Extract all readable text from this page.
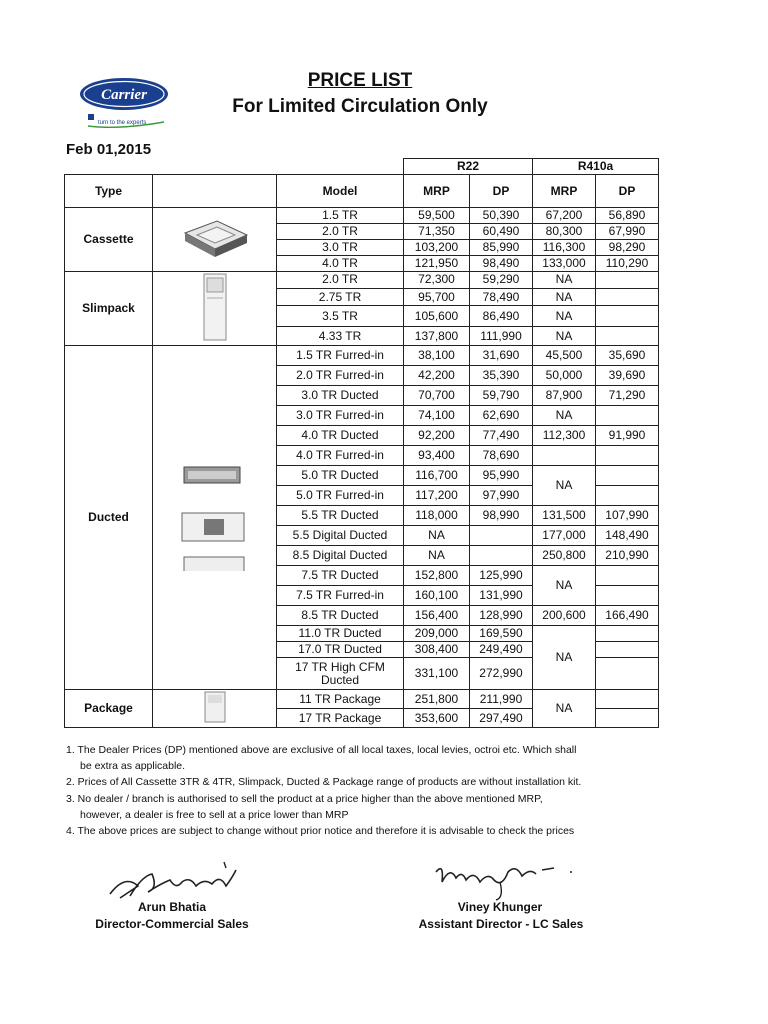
Carrier
turn to the experts
PRICE LIST
For Limited Circulation Only
Feb 01,2015
			R22		R410a	
Type		Model	MRP	DP	MRP	DP
Cassette		1.5 TR	59,500	50,390	67,200	56,890
		2.0 TR	71,350	60,490	80,300	67,990
		3.0 TR	103,200	85,990	116,300	98,290
		4.0 TR	121,950	98,490	133,000	110,290
Slimpack		2.0 TR	72,300	59,290	NA	
		2.75 TR	95,700	78,490	NA	
		3.5 TR	105,600	86,490	NA	
		4.33 TR	137,800	111,990	NA	
Ducted		1.5 TR Furred-in	38,100	31,690	45,500	35,690
		2.0 TR Furred-in	42,200	35,390	50,000	39,690
		3.0 TR Ducted	70,700	59,790	87,900	71,290
		3.0 TR Furred-in	74,100	62,690	NA	
		4.0 TR Ducted	92,200	77,490	112,300	91,990
		4.0 TR Furred-in	93,400	78,690		
		5.0 TR Ducted	116,700	95,990	NA	
		5.0 TR Furred-in	117,200	97,990		
		5.5 TR Ducted	118,000	98,990	131,500	107,990
		5.5 Digital Ducted	NA		177,000	148,490
		8.5 Digital Ducted	NA		250,800	210,990
		7.5 TR Ducted	152,800	125,990	NA	
		7.5 TR Furred-in	160,100	131,990		
		8.5 TR Ducted	156,400	128,990	200,600	166,490
		11.0 TR Ducted	209,000	169,590	NA	
		17.0 TR Ducted	308,400	249,490		
		17 TR High CFM Ducted	331,100	272,990		
Package		11 TR Package	251,800	211,990	NA	
		17 TR Package	353,600	297,490		
1. The Dealer Prices (DP) mentioned above are exclusive of all local taxes, local levies, octroi etc. Which shall
be extra as applicable.
2. Prices of All Cassette 3TR & 4TR, Slimpack, Ducted & Package range of products are without installation kit.
3. No dealer / branch is authorised to sell the product at a price higher than the above mentioned MRP,
however, a dealer is free to sell at a price lower than MRP
4. The above prices are subject to change without prior notice and therefore it is advisable to check the prices
Arun Bhatia
Director-Commercial Sales
Viney Khunger
Assistant Director - LC Sales
